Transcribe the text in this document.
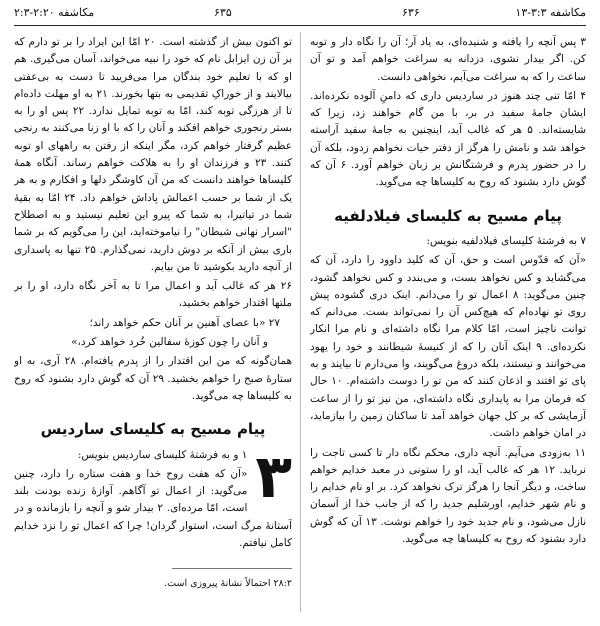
مکاشفه ۳:۳-۱۳
۶۳۶
۶۳۵
مکاشفه ۲:۲۰-۲:۳

۳ پس آنچه را یافته و شنیده‌ای، به یاد آر؛ آن را نگاه دار و توبه کن. اگر بیدار نشوی، دزدانه به سراغت خواهم آمد و تو آن ساعت را که به سراغت می‌آیم، نخواهی دانست.

۴ امّا تنی چند هنوز در ساردیس داری که دامنِ آلوده نکرده‌اند. ایشان جامهٔ سفید در بر، با من گام خواهند زد، زیرا که شایسته‌اند. ۵ هر که غالب آید، اینچنین به جامهٔ سفید آراسته خواهد شد و نامش را هرگز از دفتر حیات نخواهم زدود، بلکه آن را در حضور پدرم و فرشتگانش بر زبان خواهم آورد. ۶ آن که گوش دارد بشنود که روح به کلیساها چه می‌گوید.

پیام مسیح به کلیسای فیلادلفیه

۷ به فرشتهٔ کلیسای فیلادلفیه بنویس:

«آن که قدّوس است و حق، آن که کلید داوود را دارد، آن که می‌گشاید و کس نخواهد بست، و می‌بندد و کس نخواهد گشود، چنین می‌گوید: ۸ اعمال تو را می‌دانم. اینک دری گشوده پیش روی تو نهاده‌ام که هیچ‌کس آن را نمی‌تواند بست. می‌دانم که توانت ناچیز است، امّا کلام مرا نگاه داشته‌ای و نام مرا انکار نکرده‌ای. ۹ اینک آنان را که از کنیسهٔ شیطانند و خود را یهود می‌خوانند و نیستند، بلکه دروغ می‌گویند، وا می‌دارم تا بیایند و به پای تو افتند و اذعان کنند که من تو را دوست داشته‌ام. ۱۰ حال که فرمان مرا به پایداری نگاه داشته‌ای، من نیز تو را از ساعت آزمایشی که بر کل جهان خواهد آمد تا ساکنان زمین را بیازماید، در امان خواهم داشت.

۱۱ به‌زودی می‌آیم. آنچه داری، محکم نگاه دار تا کسی تاجت را نرباید. ۱۲ هر که غالب آید، او را ستونی در معبد خدایم خواهم ساخت، و دیگر آنجا را هرگز ترک نخواهد کرد. بر او نام خدایم را و نام شهر خدایم، اورشلیم جدید را که از جانب خدا از آسمان نازل می‌شود، و نام جدید خود را خواهم نوشت. ۱۳ آن که گوش دارد بشنود که روح به کلیساها چه می‌گوید.

تو اکنون بیش از گذشته است. ۲۰ امّا این ایراد را بر تو دارم که بر آن زن ایزابل نام که خود را نبیه می‌خواند، آسان می‌گیری. هم او که با تعلیم خود بندگان مرا می‌فریبد تا دست به بی‌عفتی بیالایند و از خوراکِ تقدیمی به بتها بخورند. ۲۱ به او مهلت داده‌ام تا از هرزگی توبه کند، امّا به توبه تمایل ندارد. ۲۲ پس او را به بستر رنجوری خواهم افکند و آنان را که با او زنا می‌کنند به رنجی عظیم گرفتار خواهم کرد، مگر اینکه از رفتن به راههای او توبه کنند. ۲۳ و فرزندان او را به هلاکت خواهم رساند. آنگاه همهٔ کلیساها خواهند دانست که من آن کاوشگر دلها و افکارم و به هر یک از شما بر حسب اعمالش پاداش خواهم داد. ۲۴ امّا به بقیهٔ شما در تیاتیرا، به شما که پیرو این تعلیم نیستید و به اصطلاح "اسرار نهانی شیطان" را نیاموخته‌اید، این را می‌گویم که بر شما باری بیش از آنکه بر دوش دارید، نمی‌گذارم. ۲۵ تنها به پاسداری از آنچه دارید بکوشید تا من بیایم.

۲۶ هر که غالب آید و اعمال مرا تا به آخر نگاه دارد، او را بر ملتها اقتدار خواهم بخشید،

۲۷ «با عصای آهنین بر آنان حکم خواهد راند؛

و آنان را چون کوزهٔ سفالین خُرد خواهد کرد،»

همان‌گونه که من این اقتدار را از پدرم یافته‌ام. ۲۸ آری، به او ستارهٔ صبح را خواهم بخشید. ۲۹ آن که گوش دارد بشنود که روح به کلیساها چه می‌گوید.

پیام مسیح به کلیسای ساردیس
۳

۱ و به فرشتهٔ کلیسای ساردیس بنویس:

«آن که هفت روح خدا و هفت ستاره را دارد، چنین می‌گوید: از اعمال تو آگاهم. آوازهٔ زنده بودنت بلند است، امّا مرده‌ای. ۲ بیدار شو و آنچه را بازمانده و در آستانهٔ مرگ است، استوار گردان! چرا که اعمال تو را نزد خدایم کامل نیافتم.

۲۸:۲ احتمالاً نشانهٔ پیروزی است.
